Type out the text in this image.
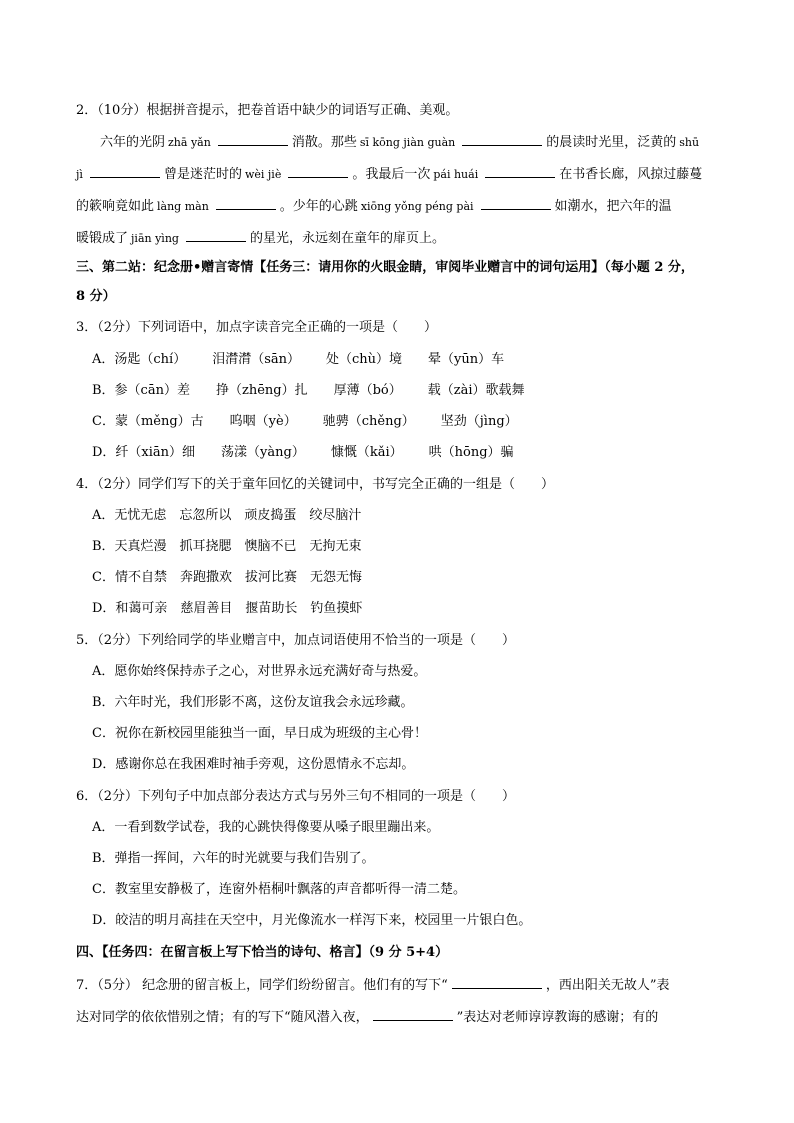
2．（10分）根据拼音提示，把卷首语中缺少的词语写正确、美观。
六年的光阴 zhā yǎn	消散。那些 sī kōng jiàn guàn	的晨读时光里，泛黄的 shū
jì	曾是迷茫时的 wèi jiè	。我最后一次 pái huái	在书香长廊，风掠过藤蔓
的簌响竟如此 làng màn	。少年的心跳 xiōng yǒng péng pài	如潮水，把六年的温
暖锻成了 jiān yìng	的星光，永远刻在童年的扉页上。
三、第二站：纪念册•赠言寄情【任务三：请用你的火眼金睛，审阅毕业赠言中的词句运用】（每小题 2 分，
8 分）
3．（2分）下列词语中，加点字读音完全正确的一项是（　　）
A．汤匙（chí） 泪潸潸（sān） 处（chù）境 晕（yūn）车
B．参（cān）差 挣（zhēng）扎 厚薄（bó） 载（zài）歌载舞
C．蒙（měng）古 呜咽（yè） 驰骋（chěng） 坚劲（jìng）
D．纤（xiān）细 荡漾（yàng） 慷慨（kǎi） 哄（hōng）骗
4．（2分）同学们写下的关于童年回忆的关键词中，书写完全正确的一组是（　　）
A．无忧无虑　忘忽所以　顽皮捣蛋　绞尽脑汁
B．天真烂漫　抓耳挠腮　懊脑不已　无拘无束
C．情不自禁　奔跑撒欢　拔河比赛　无怨无悔
D．和蔼可亲　慈眉善目　揠苗助长　钓鱼摸虾
5．（2分）下列给同学的毕业赠言中，加点词语使用不恰当的一项是（　　）
A．愿你始终保持赤子之心，对世界永远充满好奇与热爱。
B．六年时光，我们形影不离，这份友谊我会永远珍藏。
C．祝你在新校园里能独当一面，早日成为班级的主心骨！
D．感谢你总在我困难时袖手旁观，这份恩情永不忘却。
6．（2分）下列句子中加点部分表达方式与另外三句不相同的一项是（　　）
A．一看到数学试卷，我的心跳快得像要从嗓子眼里蹦出来。
B．弹指一挥间，六年的时光就要与我们告别了。
C．教室里安静极了，连窗外梧桐叶飘落的声音都听得一清二楚。
D．皎洁的明月高挂在天空中，月光像流水一样泻下来，校园里一片银白色。
四、【任务四：在留言板上写下恰当的诗句、格言】（9 分 5+4）
7．（5分） 纪念册的留言板上，同学们纷纷留言。他们有的写下“	，西出阳关无故人”表
达对同学的依依惜别之情；有的写下“随风潜入夜，	”表达对老师谆谆教诲的感谢；有的
